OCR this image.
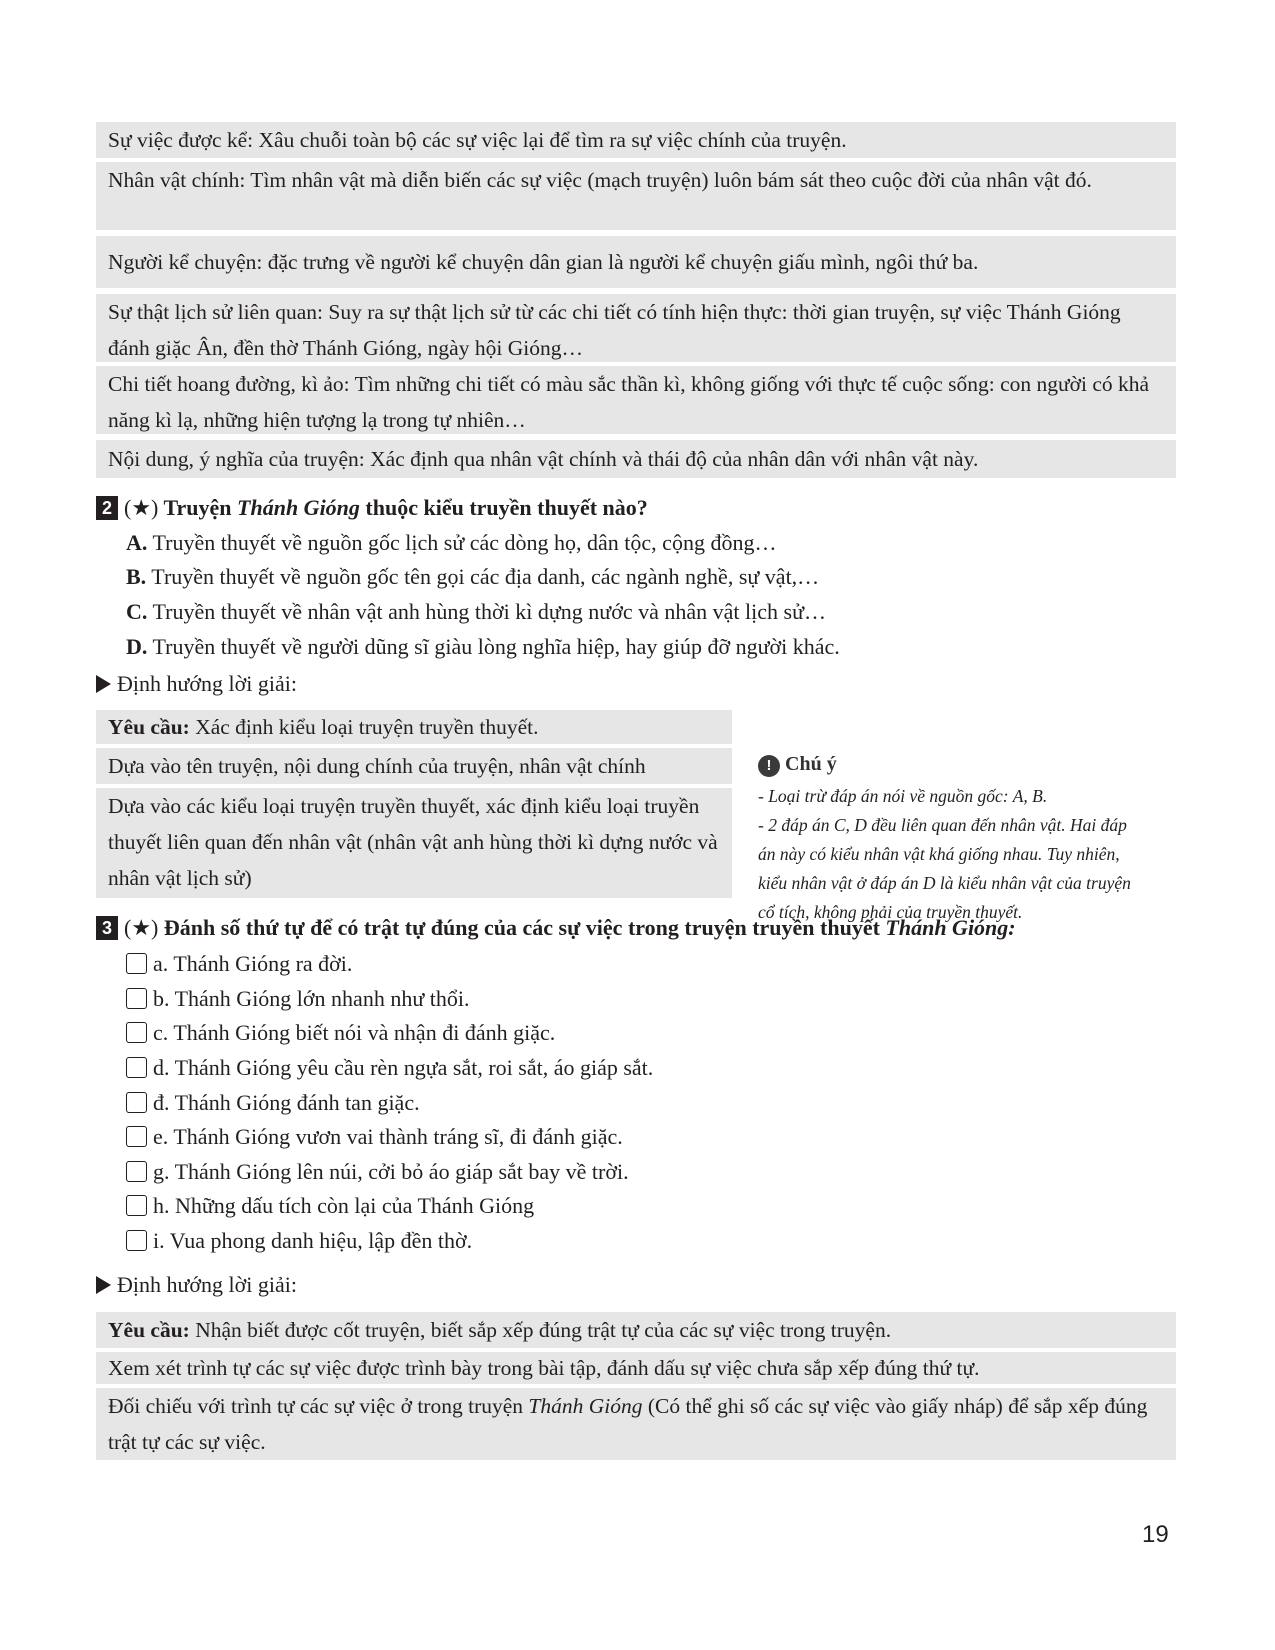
Sự việc được kể: Xâu chuỗi toàn bộ các sự việc lại để tìm ra sự việc chính của truyện.
Nhân vật chính: Tìm nhân vật mà diễn biến các sự việc (mạch truyện) luôn bám sát theo cuộc đời của nhân vật đó.
Người kể chuyện: đặc trưng về người kể chuyện dân gian là người kể chuyện giấu mình, ngôi thứ ba.
Sự thật lịch sử liên quan: Suy ra sự thật lịch sử từ các chi tiết có tính hiện thực: thời gian truyện, sự việc Thánh Gióng đánh giặc Ân, đền thờ Thánh Gióng, ngày hội Gióng…
Chi tiết hoang đường, kì ảo: Tìm những chi tiết có màu sắc thần kì, không giống với thực tế cuộc sống: con người có khả năng kì lạ, những hiện tượng lạ trong tự nhiên…
Nội dung, ý nghĩa của truyện: Xác định qua nhân vật chính và thái độ của nhân dân với nhân vật này.
2 (★) Truyện Thánh Gióng thuộc kiểu truyền thuyết nào?
A. Truyền thuyết về nguồn gốc lịch sử các dòng họ, dân tộc, cộng đồng…
B. Truyền thuyết về nguồn gốc tên gọi các địa danh, các ngành nghề, sự vật,…
C. Truyền thuyết về nhân vật anh hùng thời kì dựng nước và nhân vật lịch sử…
D. Truyền thuyết về người dũng sĩ giàu lòng nghĩa hiệp, hay giúp đỡ người khác.
Định hướng lời giải:
Yêu cầu: Xác định kiểu loại truyện truyền thuyết.
Dựa vào tên truyện, nội dung chính của truyện, nhân vật chính
Dựa vào các kiểu loại truyện truyền thuyết, xác định kiểu loại truyền thuyết liên quan đến nhân vật (nhân vật anh hùng thời kì dựng nước và nhân vật lịch sử)
! Chú ý
- Loại trừ đáp án nói về nguồn gốc: A, B.
- 2 đáp án C, D đều liên quan đến nhân vật. Hai đáp
án này có kiểu nhân vật khá giống nhau. Tuy nhiên,
kiểu nhân vật ở đáp án D là kiểu nhân vật của truyện
cổ tích, không phải của truyền thuyết.
3 (★) Đánh số thứ tự để có trật tự đúng của các sự việc trong truyện truyền thuyết Thánh Gióng:
a. Thánh Gióng ra đời.
b. Thánh Gióng lớn nhanh như thổi.
c. Thánh Gióng biết nói và nhận đi đánh giặc.
d. Thánh Gióng yêu cầu rèn ngựa sắt, roi sắt, áo giáp sắt.
đ. Thánh Gióng đánh tan giặc.
e. Thánh Gióng vươn vai thành tráng sĩ, đi đánh giặc.
g. Thánh Gióng lên núi, cởi bỏ áo giáp sắt bay về trời.
h. Những dấu tích còn lại của Thánh Gióng
i. Vua phong danh hiệu, lập đền thờ.
Định hướng lời giải:
Yêu cầu: Nhận biết được cốt truyện, biết sắp xếp đúng trật tự của các sự việc trong truyện.
Xem xét trình tự các sự việc được trình bày trong bài tập, đánh dấu sự việc chưa sắp xếp đúng thứ tự.
Đối chiếu với trình tự các sự việc ở trong truyện Thánh Gióng (Có thể ghi số các sự việc vào giấy nháp) để sắp xếp đúng trật tự các sự việc.
19
